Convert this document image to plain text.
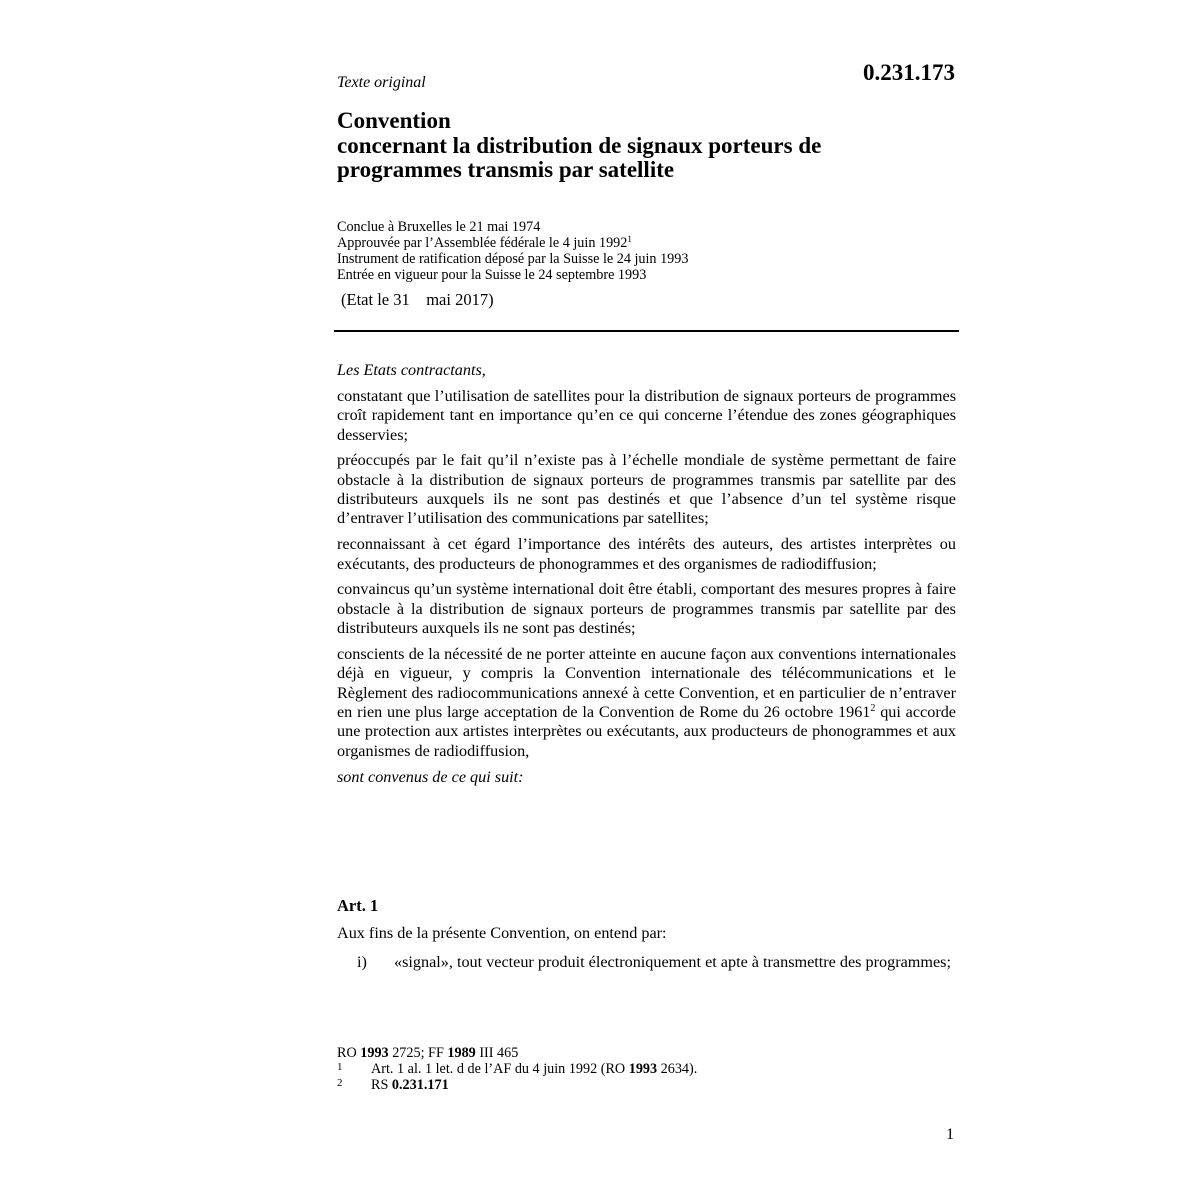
Texte original	0.231.173
Convention
concernant la distribution de signaux porteurs de
programmes transmis par satellite
Conclue à Bruxelles le 21 mai 1974
Approuvée par l’Assemblée fédérale le 4 juin 1992$^1$
Instrument de ratification déposé par la Suisse le 24 juin 1993
Entrée en vigueur pour la Suisse le 24 septembre 1993
(Etat le 31    mai 2017)

Les Etats contractants,

constatant que l’utilisation de satellites pour la distribution de signaux porteurs de programmes croît rapidement tant en importance qu’en ce qui concerne l’étendue des zones géographiques desservies;

préoccupés par le fait qu’il n’existe pas à l’échelle mondiale de système permettant de faire obstacle à la distribution de signaux porteurs de programmes transmis par satellite par des distributeurs auxquels ils ne sont pas destinés et que l’absence d’un tel système risque d’entraver l’utilisation des communications par satellites;

reconnaissant à cet égard l’importance des intérêts des auteurs, des artistes interprètes ou exécutants, des producteurs de phonogrammes et des organismes de radiodiffusion;

convaincus qu’un système international doit être établi, comportant des mesures propres à faire obstacle à la distribution de signaux porteurs de programmes transmis par satellite par des distributeurs auxquels ils ne sont pas destinés;

conscients de la nécessité de ne porter atteinte en aucune façon aux conventions internationales déjà en vigueur, y compris la Convention internationale des télécommunications et le Règlement des radiocommunications annexé à cette Convention, et en particulier de n’entraver en rien une plus large acceptation de la Convention de Rome du 26 octobre 1961$^2$ qui accorde une protection aux artistes interprètes ou exécutants, aux producteurs de phonogrammes et aux organismes de radiodiffusion,

sont convenus de ce qui suit:

Art. 1
Aux fins de la présente Convention, on entend par:
i) «signal», tout vecteur produit électroniquement et apte à transmettre des programmes;
RO 1993 2725; FF 1989 III 465
1 Art. 1 al. 1 let. d de l’AF du 4 juin 1992 (RO 1993 2634).
2 RS 0.231.171
1
